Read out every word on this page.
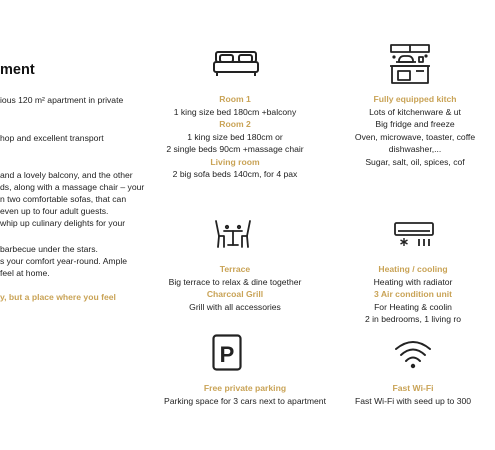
ment
ious 120 m² apartment in private
hop and excellent transport
and a lovely balcony, and the other
ds, along with a massage chair – your
n two comfortable sofas, that can
even up to four adult guests.
whip up culinary delights for your
barbecue under the stars.
s your comfort year-round. Ample
feel at home.
y, but a place where you feel
P
Room 1
1 king size bed 180cm +balcony
Room 2
1 king size bed 180cm or
2 single beds 90cm +massage chair
Living room
2 big sofa beds 140cm, for 4 pax
Fully equipped kitch
Lots of kitchenware & ut
Big fridge and freeze
Oven, microwave, toaster, coffe
dishwasher,...
Sugar, salt, oil, spices, cof
Terrace
Big terrace to relax & dine together
Charcoal Grill
Grill with all accessories
Heating / cooling
Heating with radiator
3 Air condition unit
For Heating & coolin
2 in bedrooms, 1 living ro
Free private parking
Parking space for 3 cars next to apartment
Fast Wi-Fi
Fast Wi-Fi with seed up to 300
